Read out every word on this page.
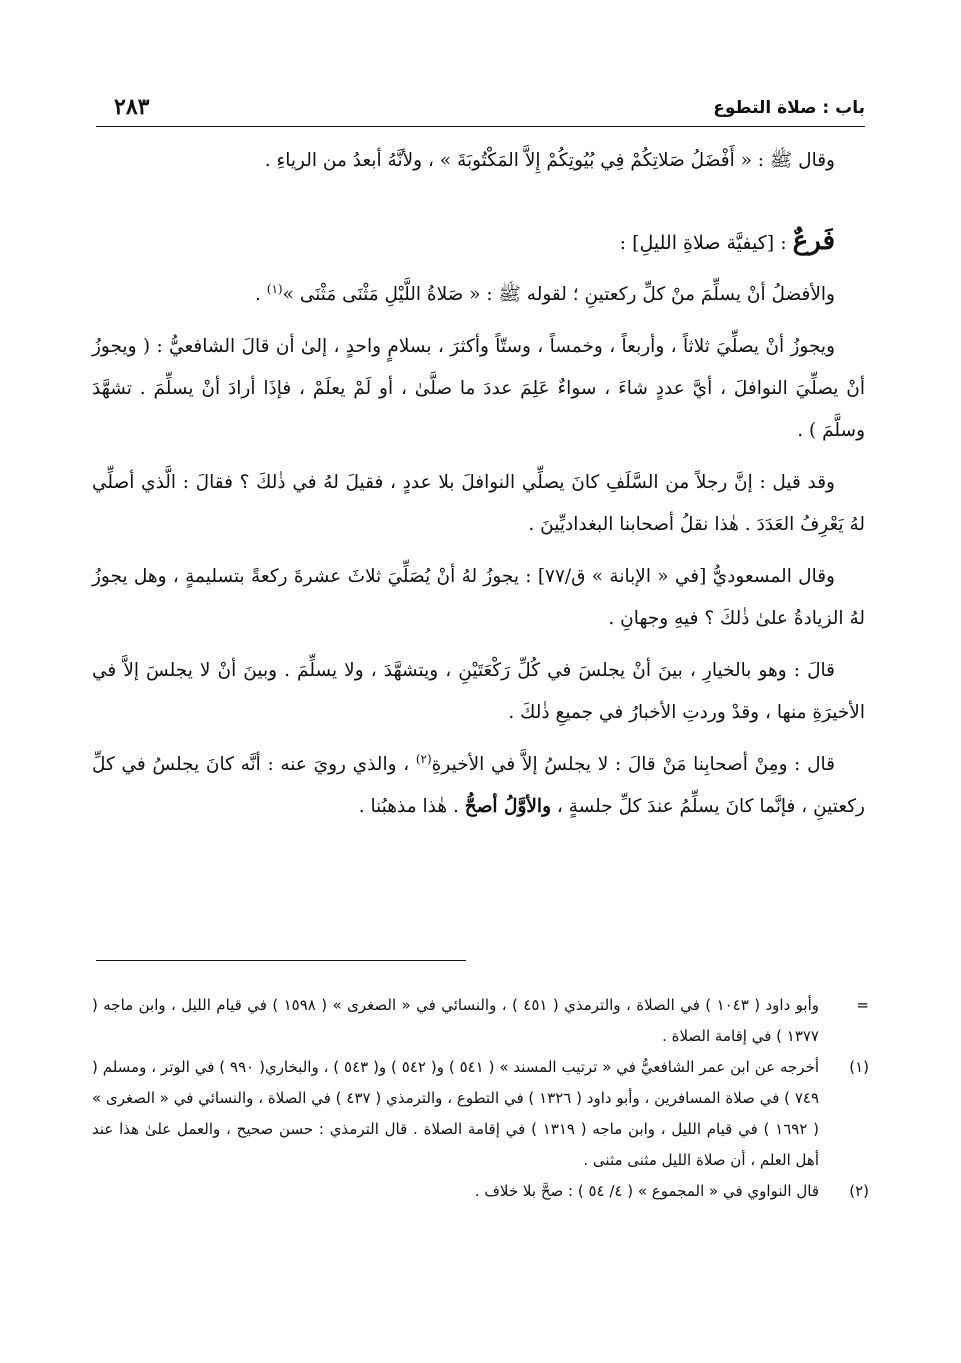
باب : صلاة التطوع
٢٨٣

وقال ﷺ : « أَفْضَلُ صَلاتِكُمْ فِي بُيُوتِكُمْ إِلاَّ المَكْتُوبَةَ » ، ولأنَّهُ أبعدُ من الرياءِ .

فَرعٌ : [كيفيَّة صلاةِ الليلِ] :

والأفضلُ أنْ يسلِّمَ منْ كلِّ ركعتينِ ؛ لقوله ﷺ : « صَلاةُ اللَّيْلِ مَثْنَى مَثْنَى »$^{(١)}$ .

ويجوزُ أنْ يصلِّيَ ثلاثاً ، وأربعاً ، وخمساً ، وستّاً وأكثرَ ، بسلامٍ واحدٍ ، إلىٰ أن قالَ الشافعيُّ : ( ويجوزُ أنْ يصلِّيَ النوافلَ ، أيَّ عددٍ شاءَ ، سواءٌ عَلِمَ عددَ ما صلَّىٰ ، أو لَمْ يعلَمْ ، فإذَا أرادَ أنْ يسلِّمَ . تشهَّدَ وسلَّمَ ) .

وقد قيل : إنَّ رجلاً من السَّلَفِ كانَ يصلِّي النوافلَ بلا عددٍ ، فقيلَ لهُ في ذٰلكَ ؟ فقالَ : الَّذي أصلِّي لهُ يَعْرِفُ العَدَدَ . هٰذا نقلُ أصحابنا البغداديِّينَ .

وقال المسعوديُّ [في « الإبانة » ق/٧٧] : يجوزُ لهُ أنْ يُصَلِّيَ ثلاثَ عشرةَ ركعةً بتسليمةٍ ، وهل يجوزُ لهُ الزيادةُ علىٰ ذٰلكَ ؟ فيهِ وجهانِ .

قالَ : وهو بالخيارِ ، بينَ أنْ يجلسَ في كُلِّ رَكْعَتَيْنِ ، ويتشهَّدَ ، ولا يسلِّمَ . وبينَ أنْ لا يجلسَ إلاَّ في الأخيرَةِ منها ، وقدْ وردتِ الأخبارُ في جميعِ ذٰلكَ .

قال : ومِنْ أصحابِنا مَنْ قالَ : لا يجلسُ إلاَّ في الأخيرةِ$^{(٢)}$ ، والذي رويَ عنه : أنَّه كانَ يجلسُ في كلِّ ركعتينِ ، فإنَّما كانَ يسلِّمُ عندَ كلِّ جلسةٍ ، والأوَّلُ أصحُّ . هٰذا مذهبُنا .

=
وأبو داود ( ١٠٤٣ ) في الصلاة ، والترمذي ( ٤٥١ ) ، والنسائي في « الصغرى » ( ١٥٩٨ ) في قيام الليل ، وابن ماجه ( ١٣٧٧ ) في إقامة الصلاة .

(١)
أخرجه عن ابن عمر الشافعيُّ في « ترتيب المسند » ( ٥٤١ ) و( ٥٤٢ ) و( ٥٤٣ ) ، والبخاري( ٩٩٠ ) في الوتر ، ومسلم ( ٧٤٩ ) في صلاة المسافرين ، وأبو داود ( ١٣٢٦ ) في التطوع ، والترمذي ( ٤٣٧ ) في الصلاة ، والنسائي في « الصغرى » ( ١٦٩٢ ) في قيام الليل ، وابن ماجه ( ١٣١٩ ) في إقامة الصلاة . قال الترمذي : حسن صحيح ، والعمل علىٰ هذا عند أهل العلم ، أن صلاة الليل مثنى مثنى .

(٢)
قال النواوي في « المجموع » ( ٤/ ٥٤ ) : صحَّ بلا خلاف .
